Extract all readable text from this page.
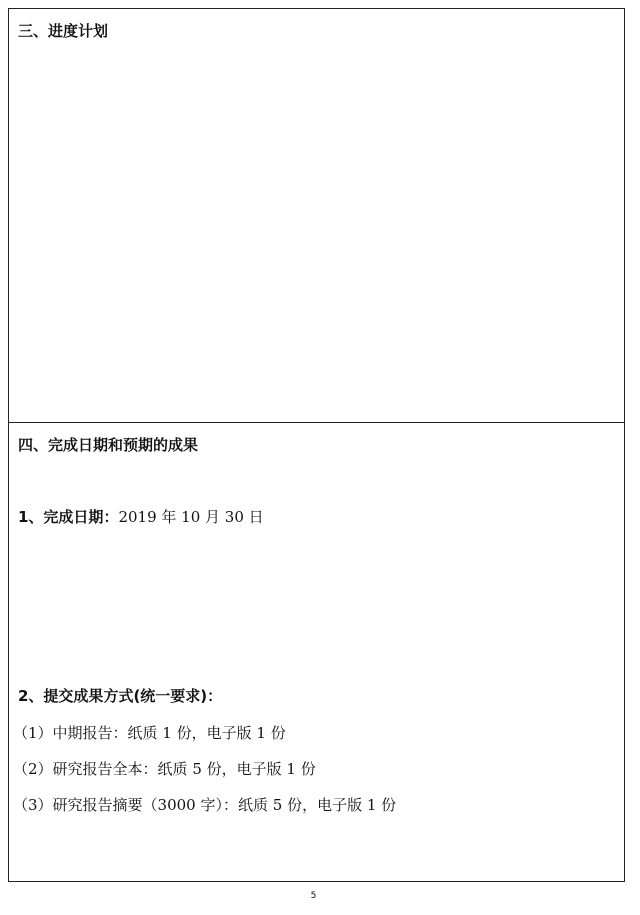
三、进度计划
四、完成日期和预期的成果
1、完成日期：2019 年 10 月 30 日
2、提交成果方式(统一要求)：
（1）中期报告：纸质 1 份，电子版 1 份
（2）研究报告全本：纸质 5 份，电子版 1 份
（3）研究报告摘要（3000 字）：纸质 5 份，电子版 1 份
5
